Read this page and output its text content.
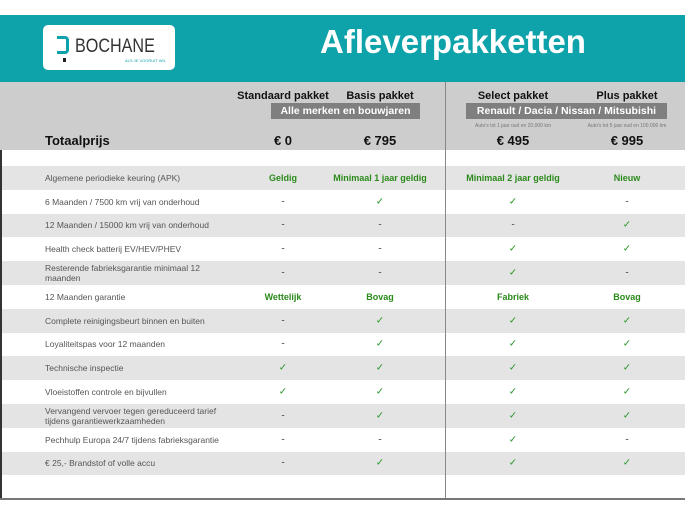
BOCHANE
ALS JE VOORUIT WIL
Afleverpakketten
Standaard pakket	Basis pakket	Select pakket	Plus pakket
Alle merken en bouwjaren	Renault / Dacia / Nissan / Mitsubishi
Auto's tot 1 jaar oud en 20.000 km	Auto's tot 5 jaar oud en 100.000 km
Totaalprijs	€ 0	€ 795	€ 495	€ 995
Algemene periodieke keuring (APK)	Geldig	Minimaal 1 jaar geldig	Minimaal 2 jaar geldig	Nieuw
6 Maanden / 7500 km vrij van onderhoud	-	✓	✓	-
12 Maanden / 15000 km vrij van onderhoud	-	-	-	✓
Health check batterij EV/HEV/PHEV	-	-	✓	✓
Resterende fabrieksgarantie minimaal 12 maanden	-	-	✓	-
12 Maanden garantie	Wettelijk	Bovag	Fabriek	Bovag
Complete reinigingsbeurt binnen en buiten	-	✓	✓	✓
Loyaliteitspas voor 12 maanden	-	✓	✓	✓
Technische inspectie	✓	✓	✓	✓
Vloeistoffen controle en bijvullen	✓	✓	✓	✓
Vervangend vervoer tegen gereduceerd tarief tijdens garantiewerkzaamheden	-	✓	✓	✓
Pechhulp Europa 24/7 tijdens fabrieksgarantie	-	-	✓	-
€ 25,- Brandstof of volle accu	-	✓	✓	✓
